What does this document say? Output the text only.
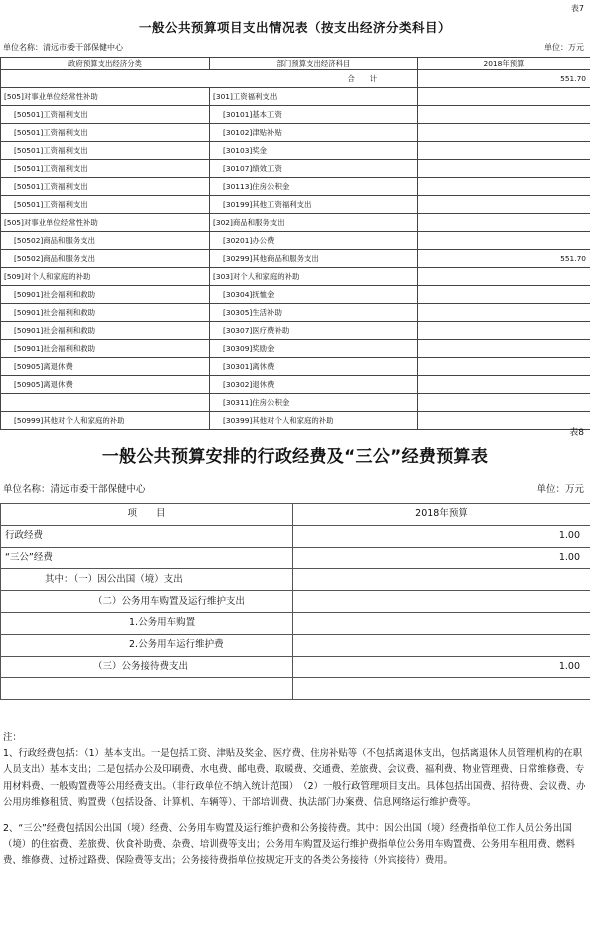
表7
一般公共预算项目支出情况表（按支出经济分类科目）
单位名称：清远市委干部保健中心	单位：万元
政府预算支出经济分类	部门预算支出经济科目	2018年预算
	合　　计	551.70
[505]对事业单位经常性补助	[301]工资福利支出	
[50501]工资福利支出	[30101]基本工资	
[50501]工资福利支出	[30102]津贴补贴	
[50501]工资福利支出	[30103]奖金	
[50501]工资福利支出	[30107]绩效工资	
[50501]工资福利支出	[30113]住房公积金	
[50501]工资福利支出	[30199]其他工资福利支出	
[505]对事业单位经常性补助	[302]商品和服务支出	
[50502]商品和服务支出	[30201]办公费	
[50502]商品和服务支出	[30299]其他商品和服务支出	551.70
[509]对个人和家庭的补助	[303]对个人和家庭的补助	
[50901]社会福利和救助	[30304]抚恤金	
[50901]社会福利和救助	[30305]生活补助	
[50901]社会福利和救助	[30307]医疗费补助	
[50901]社会福利和救助	[30309]奖励金	
[50905]离退休费	[30301]离休费	
[50905]离退休费	[30302]退休费	
	[30311]住房公积金	
[50999]其他对个人和家庭的补助	[30399]其他对个人和家庭的补助	
表8
一般公共预算安排的行政经费及“三公”经费预算表
单位名称：清远市委干部保健中心	单位：万元
项　　目	2018年预算
行政经费	1.00
“三公”经费	1.00
其中：（一）因公出国（境）支出	
（二）公务用车购置及运行维护支出	
1.公务用车购置	
2.公务用车运行维护费	
（三）公务接待费支出	1.00

注：
1、行政经费包括：（1）基本支出。一是包括工资、津贴及奖金、医疗费、住房补贴等（不包括离退休支出，包括离退休人员管理机构的在职人员支出）基本支出；二是包括办公及印刷费、水电费、邮电费、取暖费、交通费、差旅费、会议费、福利费、物业管理费、日常维修费、专用材料费、一般购置费等公用经费支出。（非行政单位不纳入统计范围）　（2）一般行政管理项目支出。具体包括出国费、招待费、会议费、办公用房维修租赁、购置费（包括设备、计算机、车辆等）、干部培训费、执法部门办案费、信息网络运行维护费等。
2、“三公”经费包括因公出国（境）经费、公务用车购置及运行维护费和公务接待费。其中：因公出国（境）经费指单位工作人员公务出国（境）的住宿费、差旅费、伙食补助费、杂费、培训费等支出；公务用车购置及运行维护费指单位公务用车购置费、公务用车租用费、燃料费、维修费、过桥过路费、保险费等支出；公务接待费指单位按规定开支的各类公务接待（外宾接待）费用。
